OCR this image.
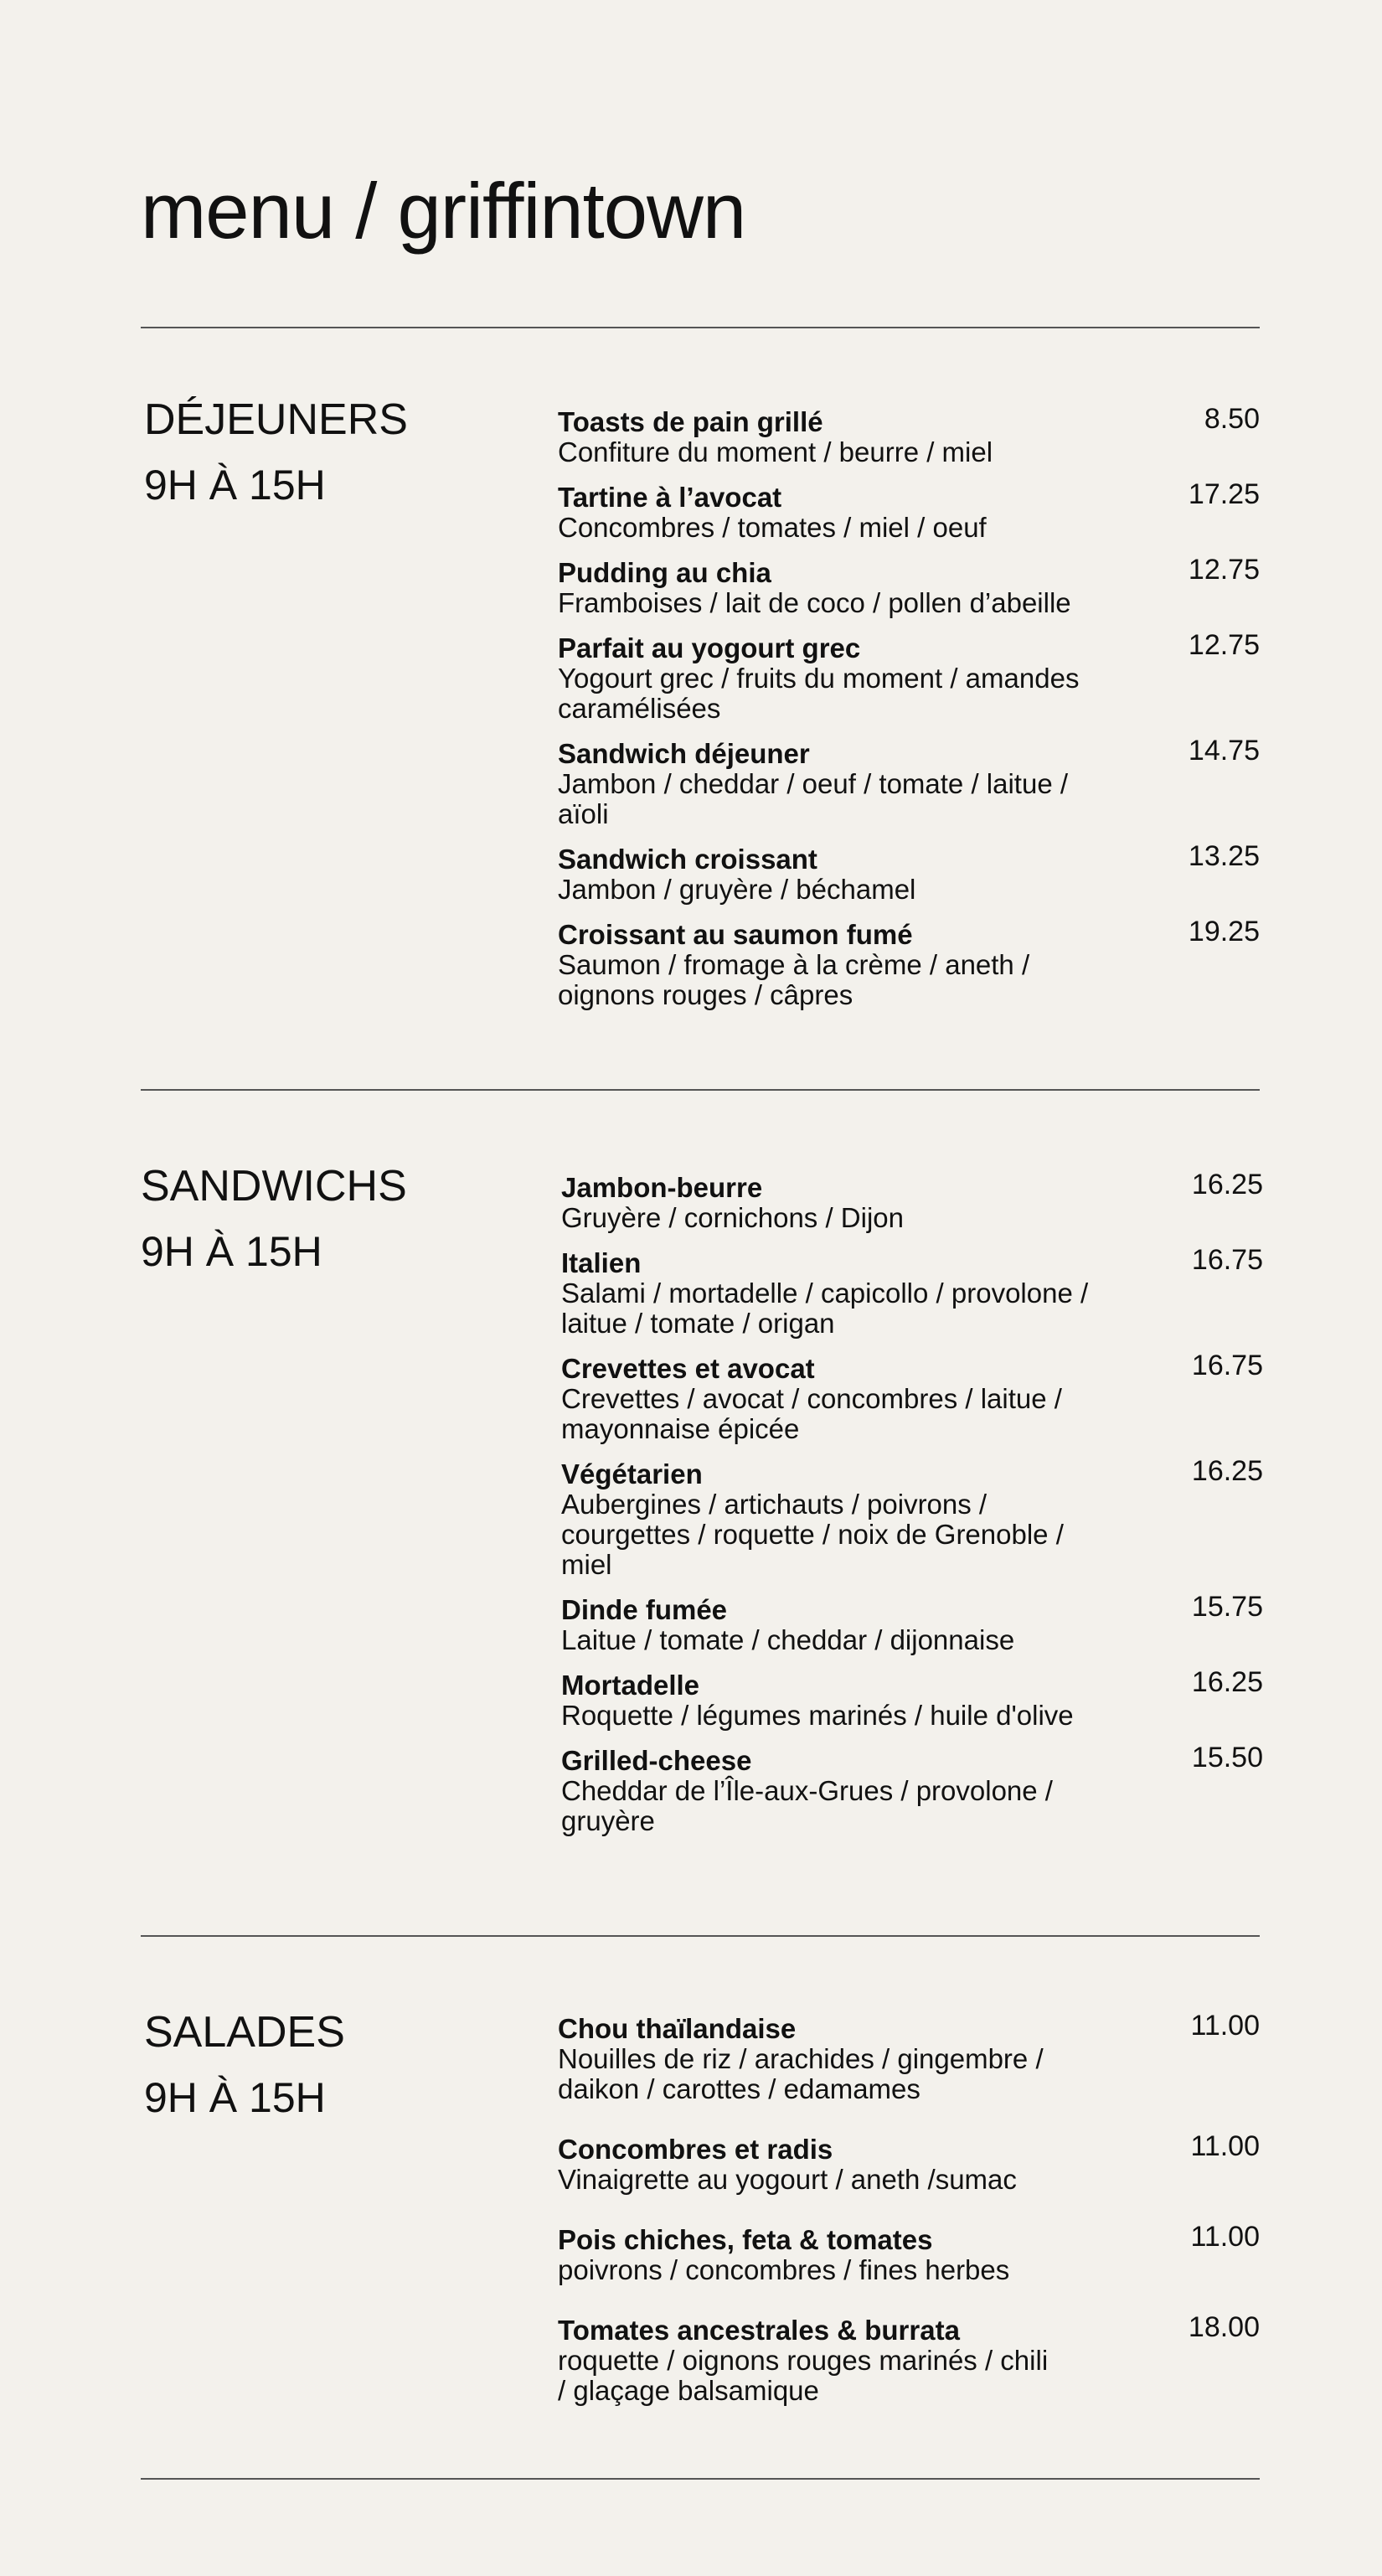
menu / griffintown
DÉJEUNERS
9H À 15H
Toasts de pain grillé
Confiture du moment / beurre / miel
8.50
Tartine à l’avocat
Concombres / tomates / miel / oeuf
17.25
Pudding au chia
Framboises / lait de coco / pollen d’abeille
12.75
Parfait au yogourt grec
Yogourt grec / fruits du moment / amandes caramélisées
12.75
Sandwich déjeuner
Jambon / cheddar / oeuf / tomate / laitue / aïoli
14.75
Sandwich croissant
Jambon / gruyère / béchamel
13.25
Croissant au saumon fumé
Saumon / fromage à la crème / aneth / oignons rouges / câpres
19.25
SANDWICHS
9H À 15H
Jambon-beurre
Gruyère / cornichons / Dijon
16.25
Italien
Salami / mortadelle / capicollo / provolone / laitue / tomate / origan
16.75
Crevettes et avocat
Crevettes / avocat / concombres / laitue / mayonnaise épicée
16.75
Végétarien
Aubergines / artichauts / poivrons / courgettes / roquette / noix de Grenoble / miel
16.25
Dinde fumée
Laitue / tomate / cheddar / dijonnaise
15.75
Mortadelle
Roquette / légumes marinés / huile d'olive
16.25
Grilled-cheese
Cheddar de l’Île-aux-Grues / provolone / gruyère
15.50
SALADES
9H À 15H
Chou thaïlandaise
Nouilles de riz / arachides / gingembre / daikon / carottes / edamames
11.00
Concombres et radis
Vinaigrette au yogourt / aneth /sumac
11.00
Pois chiches, feta & tomates
poivrons / concombres / fines herbes
11.00
Tomates ancestrales & burrata
roquette / oignons rouges marinés / chili / glaçage balsamique
18.00
